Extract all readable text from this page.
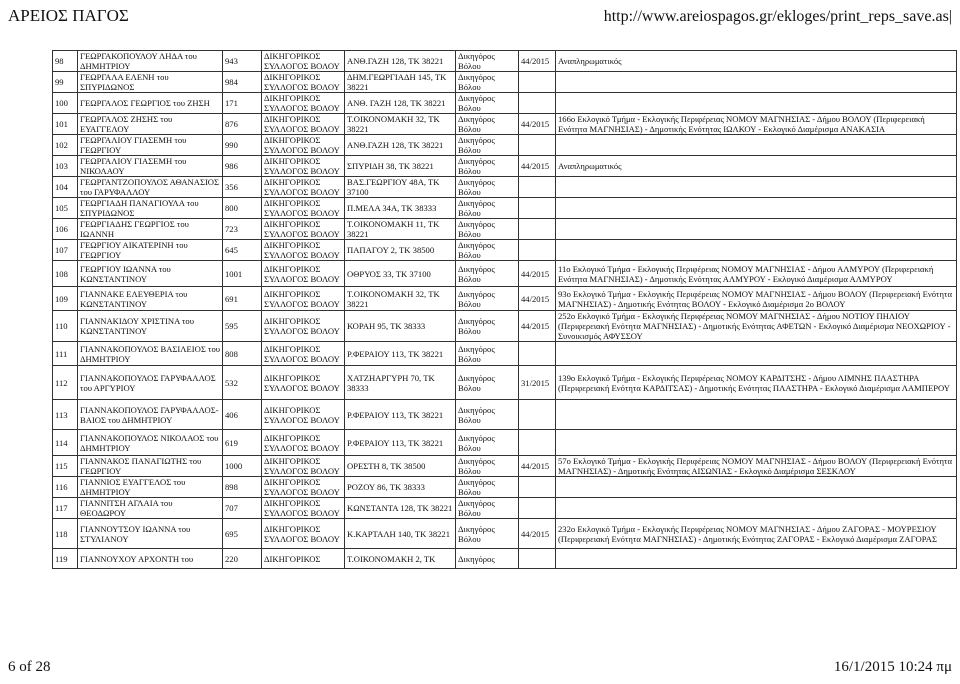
ΑΡΕΙΟΣ ΠΑΓΟΣ	http://www.areiospagos.gr/ekloges/print_reps_save.as|
98	ΓΕΩΡΓΑΚΟΠΟΥΛΟΥ ΛΗΔΑ του ΔΗΜΗΤΡΙΟΥ	943	ΔΙΚΗΓΟΡΙΚΟΣ ΣΥΛΛΟΓΟΣ ΒΟΛΟΥ	ΑΝΘ.ΓΑΖΗ 128, ΤΚ 38221	Δικηγόρος Βόλου	44/2015	Αναπληρωματικός
99	ΓΕΩΡΓΑΛΑ ΕΛΕΝΗ του ΣΠΥΡΙΔΩΝΟΣ	984	ΔΙΚΗΓΟΡΙΚΟΣ ΣΥΛΛΟΓΟΣ ΒΟΛΟΥ	ΔΗΜ.ΓΕΩΡΓΙΑΔΗ 145, ΤΚ 38221	Δικηγόρος Βόλου		
100	ΓΕΩΡΓΑΛΟΣ ΓΕΩΡΓΙΟΣ του ΖΗΣΗ	171	ΔΙΚΗΓΟΡΙΚΟΣ ΣΥΛΛΟΓΟΣ ΒΟΛΟΥ	ΑΝΘ. ΓΑΖΗ 128, ΤΚ 38221	Δικηγόρος Βόλου		
101	ΓΕΩΡΓΑΛΟΣ ΖΗΣΗΣ του ΕΥΑΓΓΕΛΟΥ	876	ΔΙΚΗΓΟΡΙΚΟΣ ΣΥΛΛΟΓΟΣ ΒΟΛΟΥ	Τ.ΟΙΚΟΝΟΜΑΚΗ 32, ΤΚ 38221	Δικηγόρος Βόλου	44/2015	166ο Εκλογικό Τμήμα - Εκλογικής Περιφέρειας ΝΟΜΟΥ ΜΑΓΝΗΣΙΑΣ - Δήμου ΒΟΛΟΥ (Περιφερειακή Ενότητα ΜΑΓΝΗΣΙΑΣ) - Δημοτικής Ενότητας ΙΩΛΚΟΥ - Εκλογικό Διαμέρισμα ΑΝΑΚΑΣΙΑ
102	ΓΕΩΡΓΑΛΙΟΥ ΓΙΑΣΕΜΗ του ΓΕΩΡΓΙΟΥ	990	ΔΙΚΗΓΟΡΙΚΟΣ ΣΥΛΛΟΓΟΣ ΒΟΛΟΥ	ΑΝΘ.ΓΑΖΗ 128, ΤΚ 38221	Δικηγόρος Βόλου		
103	ΓΕΩΡΓΑΛΙΟΥ ΓΙΑΣΕΜΗ του ΝΙΚΟΛΑΟΥ	986	ΔΙΚΗΓΟΡΙΚΟΣ ΣΥΛΛΟΓΟΣ ΒΟΛΟΥ	ΣΠΥΡΙΔΗ 38, ΤΚ 38221	Δικηγόρος Βόλου	44/2015	Αναπληρωματικός
104	ΓΕΩΡΓΑΝΤΖΟΠΟΥΛΟΣ ΑΘΑΝΑΣΙΟΣ του ΓΑΡΥΦΑΛΛΟΥ	356	ΔΙΚΗΓΟΡΙΚΟΣ ΣΥΛΛΟΓΟΣ ΒΟΛΟΥ	ΒΑΣ.ΓΕΩΡΓΙΟΥ 48Α, ΤΚ 37100	Δικηγόρος Βόλου		
105	ΓΕΩΡΓΙΑΔΗ ΠΑΝΑΓΙΟΥΛΑ του ΣΠΥΡΙΔΩΝΟΣ	800	ΔΙΚΗΓΟΡΙΚΟΣ ΣΥΛΛΟΓΟΣ ΒΟΛΟΥ	Π.ΜΕΛΑ 34Α, ΤΚ 38333	Δικηγόρος Βόλου		
106	ΓΕΩΡΓΙΑΔΗΣ ΓΕΩΡΓΙΟΣ του ΙΩΑΝΝΗ	723	ΔΙΚΗΓΟΡΙΚΟΣ ΣΥΛΛΟΓΟΣ ΒΟΛΟΥ	Τ.ΟΙΚΟΝΟΜΑΚΗ 11, ΤΚ 38221	Δικηγόρος Βόλου		
107	ΓΕΩΡΓΙΟΥ ΑΙΚΑΤΕΡΙΝΗ του ΓΕΩΡΓΙΟΥ	645	ΔΙΚΗΓΟΡΙΚΟΣ ΣΥΛΛΟΓΟΣ ΒΟΛΟΥ	ΠΑΠΑΓΟΥ 2, ΤΚ 38500	Δικηγόρος Βόλου		
108	ΓΕΩΡΓΙΟΥ ΙΩΑΝΝΑ του ΚΩΝΣΤΑΝΤΙΝΟΥ	1001	ΔΙΚΗΓΟΡΙΚΟΣ ΣΥΛΛΟΓΟΣ ΒΟΛΟΥ	ΟΘΡΥΟΣ 33, ΤΚ 37100	Δικηγόρος Βόλου	44/2015	11ο Εκλογικό Τμήμα - Εκλογικής Περιφέρειας ΝΟΜΟΥ ΜΑΓΝΗΣΙΑΣ - Δήμου ΑΛΜΥΡΟΥ (Περιφερειακή Ενότητα ΜΑΓΝΗΣΙΑΣ) - Δημοτικής Ενότητας ΑΛΜΥΡΟΥ - Εκλογικό Διαμέρισμα ΑΛΜΥΡΟΥ
109	ΓΙΑΝΝΑΚΕ ΕΛΕΥΘΕΡΙΑ του ΚΩΝΣΤΑΝΤΙΝΟΥ	691	ΔΙΚΗΓΟΡΙΚΟΣ ΣΥΛΛΟΓΟΣ ΒΟΛΟΥ	Τ.ΟΙΚΟΝΟΜΑΚΗ 32, ΤΚ 38221	Δικηγόρος Βόλου	44/2015	93ο Εκλογικό Τμήμα - Εκλογικής Περιφέρειας ΝΟΜΟΥ ΜΑΓΝΗΣΙΑΣ - Δήμου ΒΟΛΟΥ (Περιφερειακή Ενότητα ΜΑΓΝΗΣΙΑΣ) - Δημοτικής Ενότητας ΒΟΛΟΥ - Εκλογικό Διαμέρισμα 2ο ΒΟΛΟΥ
110	ΓΙΑΝΝΑΚΙΔΟΥ ΧΡΙΣΤΙΝΑ του ΚΩΝΣΤΑΝΤΙΝΟΥ	595	ΔΙΚΗΓΟΡΙΚΟΣ ΣΥΛΛΟΓΟΣ ΒΟΛΟΥ	ΚΟΡΑΗ 95, ΤΚ 38333	Δικηγόρος Βόλου	44/2015	252ο Εκλογικό Τμήμα - Εκλογικής Περιφέρειας ΝΟΜΟΥ ΜΑΓΝΗΣΙΑΣ - Δήμου ΝΟΤΙΟΥ ΠΗΛΙΟΥ (Περιφερειακή Ενότητα ΜΑΓΝΗΣΙΑΣ) - Δημοτικής Ενότητας ΑΦΕΤΩΝ - Εκλογικό Διαμέρισμα ΝΕΟΧΩΡΙΟΥ - Συνοικισμός ΑΦΥΣΣΟΥ
111	ΓΙΑΝΝΑΚΟΠΟΥΛΟΣ ΒΑΣΙΛΕΙΟΣ του ΔΗΜΗΤΡΙΟΥ	808	ΔΙΚΗΓΟΡΙΚΟΣ ΣΥΛΛΟΓΟΣ ΒΟΛΟΥ	Ρ.ΦΕΡΑΙΟΥ 113, ΤΚ 38221	Δικηγόρος Βόλου		
112	ΓΙΑΝΝΑΚΟΠΟΥΛΟΣ ΓΑΡΥΦΑΛΛΟΣ του ΑΡΓΥΡΙΟΥ	532	ΔΙΚΗΓΟΡΙΚΟΣ ΣΥΛΛΟΓΟΣ ΒΟΛΟΥ	ΧΑΤΖΗΑΡΓΥΡΗ 70, ΤΚ 38333	Δικηγόρος Βόλου	31/2015	139ο Εκλογικό Τμήμα - Εκλογικής Περιφέρειας ΝΟΜΟΥ ΚΑΡΔΙΤΣΗΣ - Δήμου ΛΙΜΝΗΣ ΠΛΑΣΤΗΡΑ (Περιφερειακή Ενότητα ΚΑΡΔΙΤΣΑΣ) - Δημοτικής Ενότητας ΠΛΑΣΤΗΡΑ - Εκλογικό Διαμέρισμα ΛΑΜΠΕΡΟΥ
113	ΓΙΑΝΝΑΚΟΠΟΥΛΟΣ ΓΑΡΥΦΑΛΛΟΣ-ΒΑΙΟΣ του ΔΗΜΗΤΡΙΟΥ	406	ΔΙΚΗΓΟΡΙΚΟΣ ΣΥΛΛΟΓΟΣ ΒΟΛΟΥ	Ρ.ΦΕΡΑΙΟΥ 113, ΤΚ 38221	Δικηγόρος Βόλου		
114	ΓΙΑΝΝΑΚΟΠΟΥΛΟΣ ΝΙΚΟΛΑΟΣ του ΔΗΜΗΤΡΙΟΥ	619	ΔΙΚΗΓΟΡΙΚΟΣ ΣΥΛΛΟΓΟΣ ΒΟΛΟΥ	Ρ.ΦΕΡΑΙΟΥ 113, ΤΚ 38221	Δικηγόρος Βόλου		
115	ΓΙΑΝΝΑΚΟΣ ΠΑΝΑΓΙΩΤΗΣ του ΓΕΩΡΓΙΟΥ	1000	ΔΙΚΗΓΟΡΙΚΟΣ ΣΥΛΛΟΓΟΣ ΒΟΛΟΥ	ΟΡΕΣΤΗ 8, ΤΚ 38500	Δικηγόρος Βόλου	44/2015	57ο Εκλογικό Τμήμα - Εκλογικής Περιφέρειας ΝΟΜΟΥ ΜΑΓΝΗΣΙΑΣ - Δήμου ΒΟΛΟΥ (Περιφερειακή Ενότητα ΜΑΓΝΗΣΙΑΣ) - Δημοτικής Ενότητας ΑΙΣΩΝΙΑΣ - Εκλογικό Διαμέρισμα ΣΕΣΚΛΟΥ
116	ΓΙΑΝΝΙΟΣ ΕΥΑΓΓΕΛΟΣ του ΔΗΜΗΤΡΙΟΥ	898	ΔΙΚΗΓΟΡΙΚΟΣ ΣΥΛΛΟΓΟΣ ΒΟΛΟΥ	ΡΟΖΟΥ 86, ΤΚ 38333	Δικηγόρος Βόλου		
117	ΓΙΑΝΝΙΤΣΗ ΑΓΛΑΙΑ του ΘΕΟΔΩΡΟΥ	707	ΔΙΚΗΓΟΡΙΚΟΣ ΣΥΛΛΟΓΟΣ ΒΟΛΟΥ	ΚΩΝΣΤΑΝΤΑ 128, ΤΚ 38221	Δικηγόρος Βόλου		
118	ΓΙΑΝΝΟΥΤΣΟΥ ΙΩΑΝΝΑ του ΣΤΥΛΙΑΝΟΥ	695	ΔΙΚΗΓΟΡΙΚΟΣ ΣΥΛΛΟΓΟΣ ΒΟΛΟΥ	Κ.ΚΑΡΤΑΛΗ 140, ΤΚ 38221	Δικηγόρος Βόλου	44/2015	232ο Εκλογικό Τμήμα - Εκλογικής Περιφέρειας ΝΟΜΟΥ ΜΑΓΝΗΣΙΑΣ - Δήμου ΖΑΓΟΡΑΣ - ΜΟΥΡΕΣΙΟΥ (Περιφερειακή Ενότητα ΜΑΓΝΗΣΙΑΣ) - Δημοτικής Ενότητας ΖΑΓΟΡΑΣ - Εκλογικό Διαμέρισμα ΖΑΓΟΡΑΣ
119	ΓΙΑΝΝΟΥΧΟΥ ΑΡΧΟΝΤΗ του	220	ΔΙΚΗΓΟΡΙΚΟΣ	Τ.ΟΙΚΟΝΟΜΑΚΗ 2, ΤΚ	Δικηγόρος		
6 of 28	16/1/2015 10:24 πμ
